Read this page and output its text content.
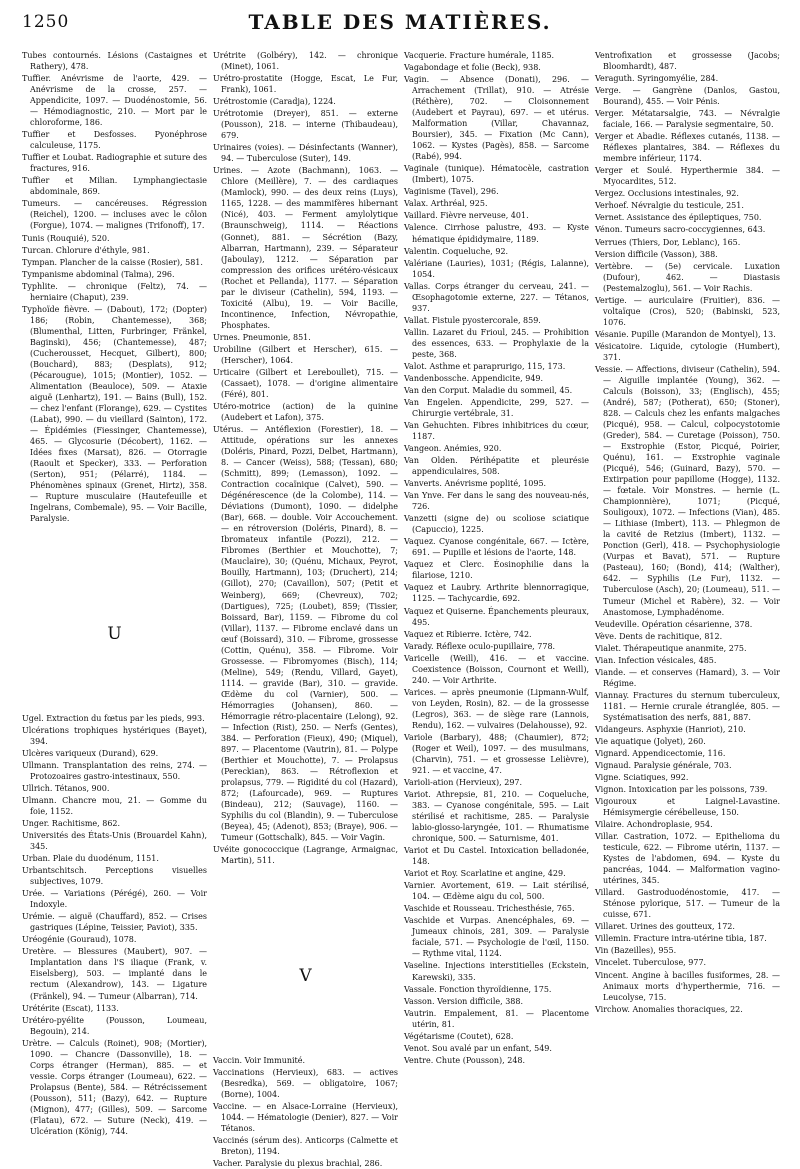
1250	TABLE DES MATIÈRES.

Tubes contournés. Lésions (Castaignes et Rathery), 478.

Tuffier. Anévrisme de l'aorte, 429. — Anévrisme de la crosse, 257. — Appendicite, 1097. — Duodénostomie, 56. — Hémodiagnostic, 210. — Mort par le chloroforme, 186.

Tuffier et Desfosses. Pyonéphrose calculeuse, 1175.

Tuffier et Loubat. Radiographie et suture des fractures, 916.

Tuffier et Milian. Lymphangiectasie abdominale, 869.

Tumeurs. — cancéreuses. Régression (Reichel), 1200. — incluses avec le côlon (Forgue), 1074. — malignes (Trifonoff), 17.

Tunis (Rouquié), 520.

Turcan. Chlorure d'éthyle, 981.

Tympan. Plancher de la caisse (Rosier), 581.

Tympanisme abdominal (Talma), 296.

Typhlite. — chronique (Feltz), 74. — herniaire (Chaput), 239.

Typhoïde fièvre. — (Dabout), 172; (Dopter) 186; (Robin, Chantemesse), 368; (Blumenthal, Litten, Furbringer, Fränkel, Baginski), 456; (Chantemesse), 487; (Cucherousset, Hecquet, Gilbert), 800; (Bouchard), 883; (Desplats), 912; (Pécarougue), 1015; (Montier), 1052. — Alimentation (Beauloce), 509. — Ataxie aiguë (Lenhartz), 191. — Bains (Bull), 152. — chez l'enfant (Florange), 629. — Cystites (Labat), 990. — du vieillard (Sainton), 172. — Épidémies (Fiessinger, Chantemesse), 465. — Glycosurie (Décobert), 1162. — Idées fixes (Marsat), 826. — Otorragie (Raoult et Specker), 333. — Perforation (Serton), 951; (Pélarré), 1184. — Phénomènes spinaux (Grenet, Hirtz), 358. — Rupture musculaire (Hautefeuille et Ingelrans, Combemale), 95. — Voir Bacille, Paralysie.

U

Ugel. Extraction du fœtus par les pieds, 993.

Ulcérations trophiques hystériques (Bayet), 394.

Ulcères variqueux (Durand), 629.

Ullmann. Transplantation des reins, 274. — Protozoaires gastro-intestinaux, 550.

Ullrich. Tétanos, 900.

Ulmann. Chancre mou, 21. — Gomme du foie, 1152.

Unger. Rachitisme, 862.

Universités des États-Unis (Brouardel Kahn), 345.

Urban. Plaie du duodénum, 1151.

Urbantschitsch. Perceptions visuelles subjectives, 1079.

Urée. — Variations (Pérégé), 260. — Voir Indoxyle.

Urémie. — aiguë (Chauffard), 852. — Crises gastriques (Lépine, Teissier, Paviot), 335.

Uréogénie (Gouraud), 1078.

Uretère. — Blessures (Maubert), 907. — Implantation dans l'S iliaque (Frank, v. Eiselsberg), 503. — implanté dans le rectum (Alexandrow), 143. — Ligature (Fränkel), 94. — Tumeur (Albarran), 714.

Urétérite (Escat), 1133.

Urétéro-pyélite (Pousson, Loumeau, Begouin), 214.

Urètre. — Calculs (Roinet), 908; (Mortier), 1090. — Chancre (Dassonville), 18. — Corps étranger (Herman), 885. — et vessie. Corps étranger (Loumeau), 622. — Prolapsus (Bente), 584. — Rétrécissement (Pousson), 511; (Bazy), 642. — Rupture (Mignon), 477; (Gilles), 509. — Sarcome (Flatau), 672. — Suture (Neck), 419. — Ulcération (König), 744.

Urétrite (Golbéry), 142. — chronique (Minet), 1061.

Urétro-prostatite (Hogge, Escat, Le Fur, Frank), 1061.

Urétrostomie (Caradja), 1224.

Urétrotomie (Dreyer), 851. — externe (Pousson), 218. — interne (Thibaudeau), 679.

Urinaires (voies). — Désinfectants (Wanner), 94. — Tuberculose (Suter), 149.

Urines. — Azote (Bachmann), 1063. — Chlore (Meillère), 7. — des cardiaques (Mamlock), 990. — des deux reins (Luys), 1165, 1228. — des mammifères hibernant (Nicé), 403. — Ferment amylolytique (Braunschweig), 1114. — Réactions (Gonnet), 881. — Sécrétion (Bazy, Albarran, Hartmann), 239. — Séparateur (Jaboulay), 1212. — Séparation par compression des orifices urétéro-vésicaux (Rochet et Pellanda), 1177. — Séparation par le diviseur (Cathelin), 594, 1193. — Toxicité (Albu), 19. — Voir Bacille, Incontinence, Infection, Névropathie, Phosphates.

Urnes. Pneumonie, 851.

Urobiline (Gilbert et Herscher), 615. — (Herscher), 1064.

Urticaire (Gilbert et Lereboullet), 715. — (Cassaet), 1078. — d'origine alimentaire (Féré), 801.

Utéro-motrice (action) de la quinine (Audebert et Lafon), 375.

Utérus. — Antéflexion (Forestier), 18. — Attitude, opérations sur les annexes (Doléris, Pinard, Pozzi, Delbet, Hartmann), 8. — Cancer (Weiss), 588; (Tessan), 680; (Schmitt), 899; (Lemasson), 1092. — Contraction cocaïnique (Calvet), 590. — Dégénérescence (de la Colombe), 114. — Déviations (Dumont), 1090. — didelphe (Bar), 668. — double. Voir Accouchement. — en rétroversion (Doléris, Pinard), 8. — Ibromateux infantile (Pozzi), 212. — Fibromes (Berthier et Mouchotte), 7; (Mauclaire), 30; (Quénu, Michaux, Peyrot, Bouilly, Hartmann), 103; (Druchert), 214; (Gillot), 270; (Cavaillon), 507; (Petit et Weinberg), 669; (Chevreux), 702; (Dartigues), 725; (Loubet), 859; (Tissier, Boissard, Bar), 1159. — Fibrome du col (Villar), 1137. — Fibrome enclavé dans un œuf (Boissard), 310. — Fibrome, grossesse (Cottin, Quénu), 358. — Fibrome. Voir Grossesse. — Fibromyomes (Bisch), 114; (Meline), 549; (Rendu, Villard, Gayet), 1114. — gravide (Bar), 310. — gravide. Œdème du col (Varnier), 500. — Hémorragies (Johansen), 860. — Hémorragie rétro-placentaire (Lelong), 92. — Infection (Rist), 250. — Nerfs (Gentes), 384. — Perforation (Fieux), 490; (Miquel), 897. — Placentome (Vautrin), 81. — Polype (Berthier et Mouchotte), 7. — Prolapsus (Pereckian), 863. — Rétroflexion et prolapsus, 779. — Rigidité du col (Hazard), 872; (Lafourcade), 969. — Ruptures (Bindeau), 212; (Sauvage), 1160. — Syphilis du col (Blandin), 9. — Tuberculose (Beyea), 45; (Adenot), 853; (Braye), 906. — Tumeur (Gottschalk), 845. — Voir Vagin.

Uvéite gonococcique (Lagrange, Armaignac, Martin), 511.

V

Vaccin. Voir Immunité.

Vaccinations (Hervieux), 683. — actives (Besredka), 569. — obligatoire, 1067; (Borne), 1004.

Vaccine. — en Alsace-Lorraine (Hervieux), 1044. — Hématologie (Denier), 827. — Voir Tétanos.

Vaccinés (sérum des). Anticorps (Calmette et Breton), 1194.

Vacher. Paralysie du plexus brachial, 286.

Vacquerie. Fracture humérale, 1185.

Vagabondage et folie (Beck), 938.

Vagin. — Absence (Donati), 296. — Arrachement (Trillat), 910. — Atrésie (Réthère), 702. — Cloisonnement (Audebert et Payrau), 697. — et utérus. Malformation (Villar, Chavannaz, Boursier), 345. — Fixation (Mc Cann), 1062. — Kystes (Pagès), 858. — Sarcome (Rabé), 994.

Vaginale (tunique). Hématocèle, castration (Imbert), 1075.

Vaginisme (Tavel), 296.

Valax. Arthréal, 925.

Vaillard. Fièvre nerveuse, 401.

Valence. Cirrhose palustre, 493. — Kyste hématique épididymaire, 1189.

Valentin. Coqueluche, 92.

Valériane (Lauries), 1031; (Régis, Lalanne), 1054.

Vallas. Corps étranger du cerveau, 241. — Œsophagotomie externe, 227. — Tétanos, 937.

Vallat. Fistule pyostercorale, 859.

Vallin. Lazaret du Frioul, 245. — Prohibition des essences, 633. — Prophylaxie de la peste, 368.

Valot. Asthme et paraprurigo, 115, 173.

Vandenbossche. Appendicite, 949.

Van den Corput. Maladie du sommeil, 45.

Van Engelen. Appendicite, 299, 527. — Chirurgie vertébrale, 31.

Van Gehuchten. Fibres inhibitrices du cœur, 1187.

Vangeon. Anémies, 920.

Van Olden. Périhépatite et pleurésie appendiculaires, 508.

Vanverts. Anévrisme poplité, 1095.

Van Ynve. Fer dans le sang des nouveau-nés, 726.

Vanzetti (signe de) ou scoliose sciatique (Capuccio), 1225.

Vaquez. Cyanose congénitale, 667. — Ictère, 691. — Pupille et lésions de l'aorte, 148.

Vaquez et Clerc. Éosinophilie dans la filariose, 1210.

Vaquez et Laubry. Arthrite blennorragique, 1125. — Tachycardie, 692.

Vaquez et Quiserne. Épanchements pleuraux, 495.

Vaquez et Ribierre. Ictère, 742.

Varady. Réflexe oculo-pupillaire, 778.

Varicelle (Weill), 416. — et vaccine. Coexistence (Boisson, Cournont et Weill), 240. — Voir Arthrite.

Varices. — après pneumonie (Lipmann-Wulf, von Leyden, Rosin), 82. — de la grossesse (Legros), 363. — de siège rare (Lannois, Rendu), 162. — vulvaires (Delahousse), 92.

Variole (Barbary), 488; (Chaumier), 872; (Roger et Weil), 1097. — des musulmans, (Charvin), 751. — et grossesse Lelièvre), 921. — et vaccine, 47.

Varioli-ation (Hervieux), 297.

Variot. Athrepsie, 81, 210. — Coqueluche, 383. — Cyanose congénitale, 595. — Lait stérilisé et rachitisme, 285. — Paralysie labio-glosso-laryngée, 101. — Rhumatisme chronique, 500. — Saturnisme, 401.

Variot et Du Castel. Intoxication belladonée, 148.

Variot et Roy. Scarlatine et angine, 429.

Varnier. Avortement, 619. — Lait stérilisé, 104. — Œdème aigu du col, 500.

Vaschide et Rousseau. Trichesthésie, 765.

Vaschide et Vurpas. Anencéphales, 69. — Jumeaux chinois, 281, 309. — Paralysie faciale, 571. — Psychologie de l'œil, 1150. — Rythme vital, 1124.

Vaseline. Injections interstitielles (Eckstein, Karewski), 335.

Vassale. Fonction thyroïdienne, 175.

Vasson. Version difficile, 388.

Vautrin. Empalement, 81. — Placentome utérin, 81.

Végétarisme (Coutet), 628.

Venot. Sou avalé par un enfant, 549.

Ventre. Chute (Pousson), 248.

Ventrofixation et grossesse (Jacobs; Bloomhardt), 487.

Veraguth. Syringomyélie, 284.

Verge. — Gangrène (Danlos, Gastou, Bourand), 455. — Voir Pénis.

Verger. Métatarsalgie, 743. — Névralgie faciale, 166. — Paralysie segmentaire, 50.

Verger et Abadie. Réflexes cutanés, 1138. — Réflexes plantaires, 384. — Réflexes du membre inférieur, 1174.

Verger et Soulé. Hyperthermie 384. — Myocardites, 512.

Vergez. Occlusions intestinales, 92.

Verhoef. Névralgie du testicule, 251.

Vernet. Assistance des épileptiques, 750.

Vénon. Tumeurs sacro-coccygiennes, 643.

Verrues (Thiers, Dor, Leblanc), 165.

Version difficile (Vasson), 388.

Vertèbre. — (5e) cervicale. Luxation (Dufour), 462. — Diastasis (Pestemalzoglu), 561. — Voir Rachis.

Vertige. — auriculaire (Fruitier), 836. — voltaïque (Cros), 520; (Babinski, 523, 1076.

Vésanie. Pupille (Marandon de Montyel), 13.

Vésicatoire. Liquide, cytologie (Humbert), 371.

Vessie. — Affections, diviseur (Cathelin), 594. — Aiguille implantée (Young), 362. — Calculs (Boisson), 33; (Englisch), 455; (André), 587; (Potherat), 650; (Stoner), 828. — Calculs chez les enfants malgaches (Picqué), 958. — Calcul, colpocystotomie (Greder), 584. — Curetage (Poisson), 750. — Exstrophie (Estor, Picqué, Poirier, Quénu), 161. — Exstrophie vaginale (Picqué), 546; (Guinard, Bazy), 570. — Extirpation pour papillome (Hogge), 1132. — fœtale. Voir Monstres. — hernie (L. Championnière), 1071; (Picqué, Souligoux), 1072. — Infections (Vian), 485. — Lithiase (Imbert), 113. — Phlegmon de la cavité de Retzius (Imbert), 1132. — Ponction (Gerl), 418. — Psychophysiologie (Vurpas et Bavat), 571. — Rupture (Pasteau), 160; (Bond), 414; (Walther), 642. — Syphilis (Le Fur), 1132. — Tuberculose (Asch), 20; (Loumeau), 511. — Tumeur (Michel et Rabère), 32. — Voir Anastomose, Lymphadénome.

Veudeville. Opération césarienne, 378.

Vève. Dents de rachitique, 812.

Vialet. Thérapeutique ananmite, 275.

Vian. Infection vésicales, 485.

Viande. — et conserves (Hamard), 3. — Voir Régime.

Viannay. Fractures du sternum tuberculeux, 1181. — Hernie crurale étranglée, 805. — Systématisation des nerfs, 881, 887.

Vidangeurs. Asphyxie (Hanriot), 210.

Vie aquatique (Jolyet), 260.

Vignard. Appendicectomie, 116.

Vignaud. Paralysie générale, 703.

Vigne. Sciatiques, 992.

Vignon. Intoxication par les poissons, 739.

Vigouroux et Laignel-Lavastine. Hémisymergie cérébelleuse, 150.

Vilaire. Achondroplasie, 954.

Villar. Castration, 1072. — Epithelioma du testicule, 622. — Fibrome utérin, 1137. — Kystes de l'abdomen, 694. — Kyste du pancréas, 1044. — Malformation vagino-utérines, 345.

Villard. Gastroduodénostomie, 417. — Sténose pylorique, 517. — Tumeur de la cuisse, 671.

Villaret. Urines des goutteux, 172.

Villemin. Fracture intra-utérine tibia, 187.

Vin (Bazeilles), 955.

Vincelet. Tuberculose, 977.

Vincent. Angine à bacilles fusiformes, 28. — Animaux morts d'hyperthermie, 716. — Leucolyse, 715.

Virchow. Anomalies thoraciques, 22.
